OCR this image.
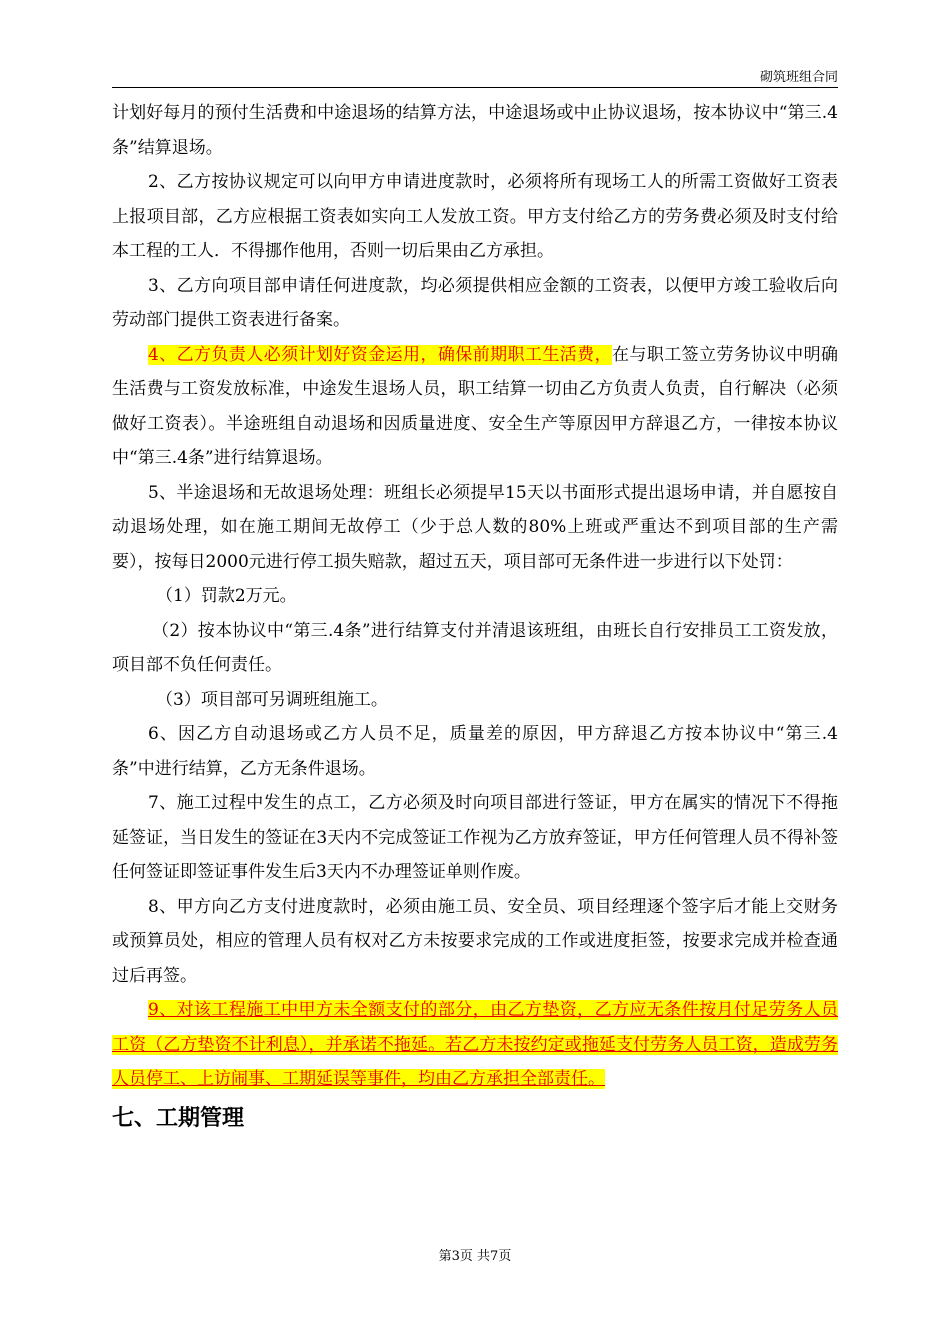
砌筑班组合同

计划好每月的预付生活费和中途退场的结算方法，中途退场或中止协议退场，按本协议中“第三.4条”结算退场。

2、乙方按协议规定可以向甲方申请进度款时，必须将所有现场工人的所需工资做好工资表上报项目部，乙方应根据工资表如实向工人发放工资。甲方支付给乙方的劳务费必须及时支付给本工程的工人．不得挪作他用，否则一切后果由乙方承担。

3、乙方向项目部申请任何进度款，均必须提供相应金额的工资表，以便甲方竣工验收后向劳动部门提供工资表进行备案。

4、乙方负责人必须计划好资金运用，确保前期职工生活费，在与职工签立劳务协议中明确生活费与工资发放标准，中途发生退场人员，职工结算一切由乙方负责人负责，自行解决（必须做好工资表）。半途班组自动退场和因质量进度、安全生产等原因甲方辞退乙方，一律按本协议中“第三.4条”进行结算退场。

5、半途退场和无故退场处理：班组长必须提早15天以书面形式提出退场申请，并自愿按自动退场处理，如在施工期间无故停工（少于总人数的80%上班或严重达不到项目部的生产需要），按每日2000元进行停工损失赔款，超过五天，项目部可无条件进一步进行以下处罚：

（1）罚款2万元。

（2）按本协议中“第三.4条”进行结算支付并清退该班组，由班长自行安排员工工资发放，项目部不负任何责任。

（3）项目部可另调班组施工。

6、因乙方自动退场或乙方人员不足，质量差的原因，甲方辞退乙方按本协议中“第三.4条”中进行结算，乙方无条件退场。

7、施工过程中发生的点工，乙方必须及时向项目部进行签证，甲方在属实的情况下不得拖延签证，当日发生的签证在3天内不完成签证工作视为乙方放弃签证，甲方任何管理人员不得补签任何签证即签证事件发生后3天内不办理签证单则作废。

8、甲方向乙方支付进度款时，必须由施工员、安全员、项目经理逐个签字后才能上交财务或预算员处，相应的管理人员有权对乙方未按要求完成的工作或进度拒签，按要求完成并检查通过后再签。

9、对该工程施工中甲方未全额支付的部分，由乙方垫资，乙方应无条件按月付足劳务人员工资（乙方垫资不计利息），并承诺不拖延。若乙方未按约定或拖延支付劳务人员工资，造成劳务人员停工、上访闹事、工期延误等事件，均由乙方承担全部责任。

七、工期管理
第3页 共7页
